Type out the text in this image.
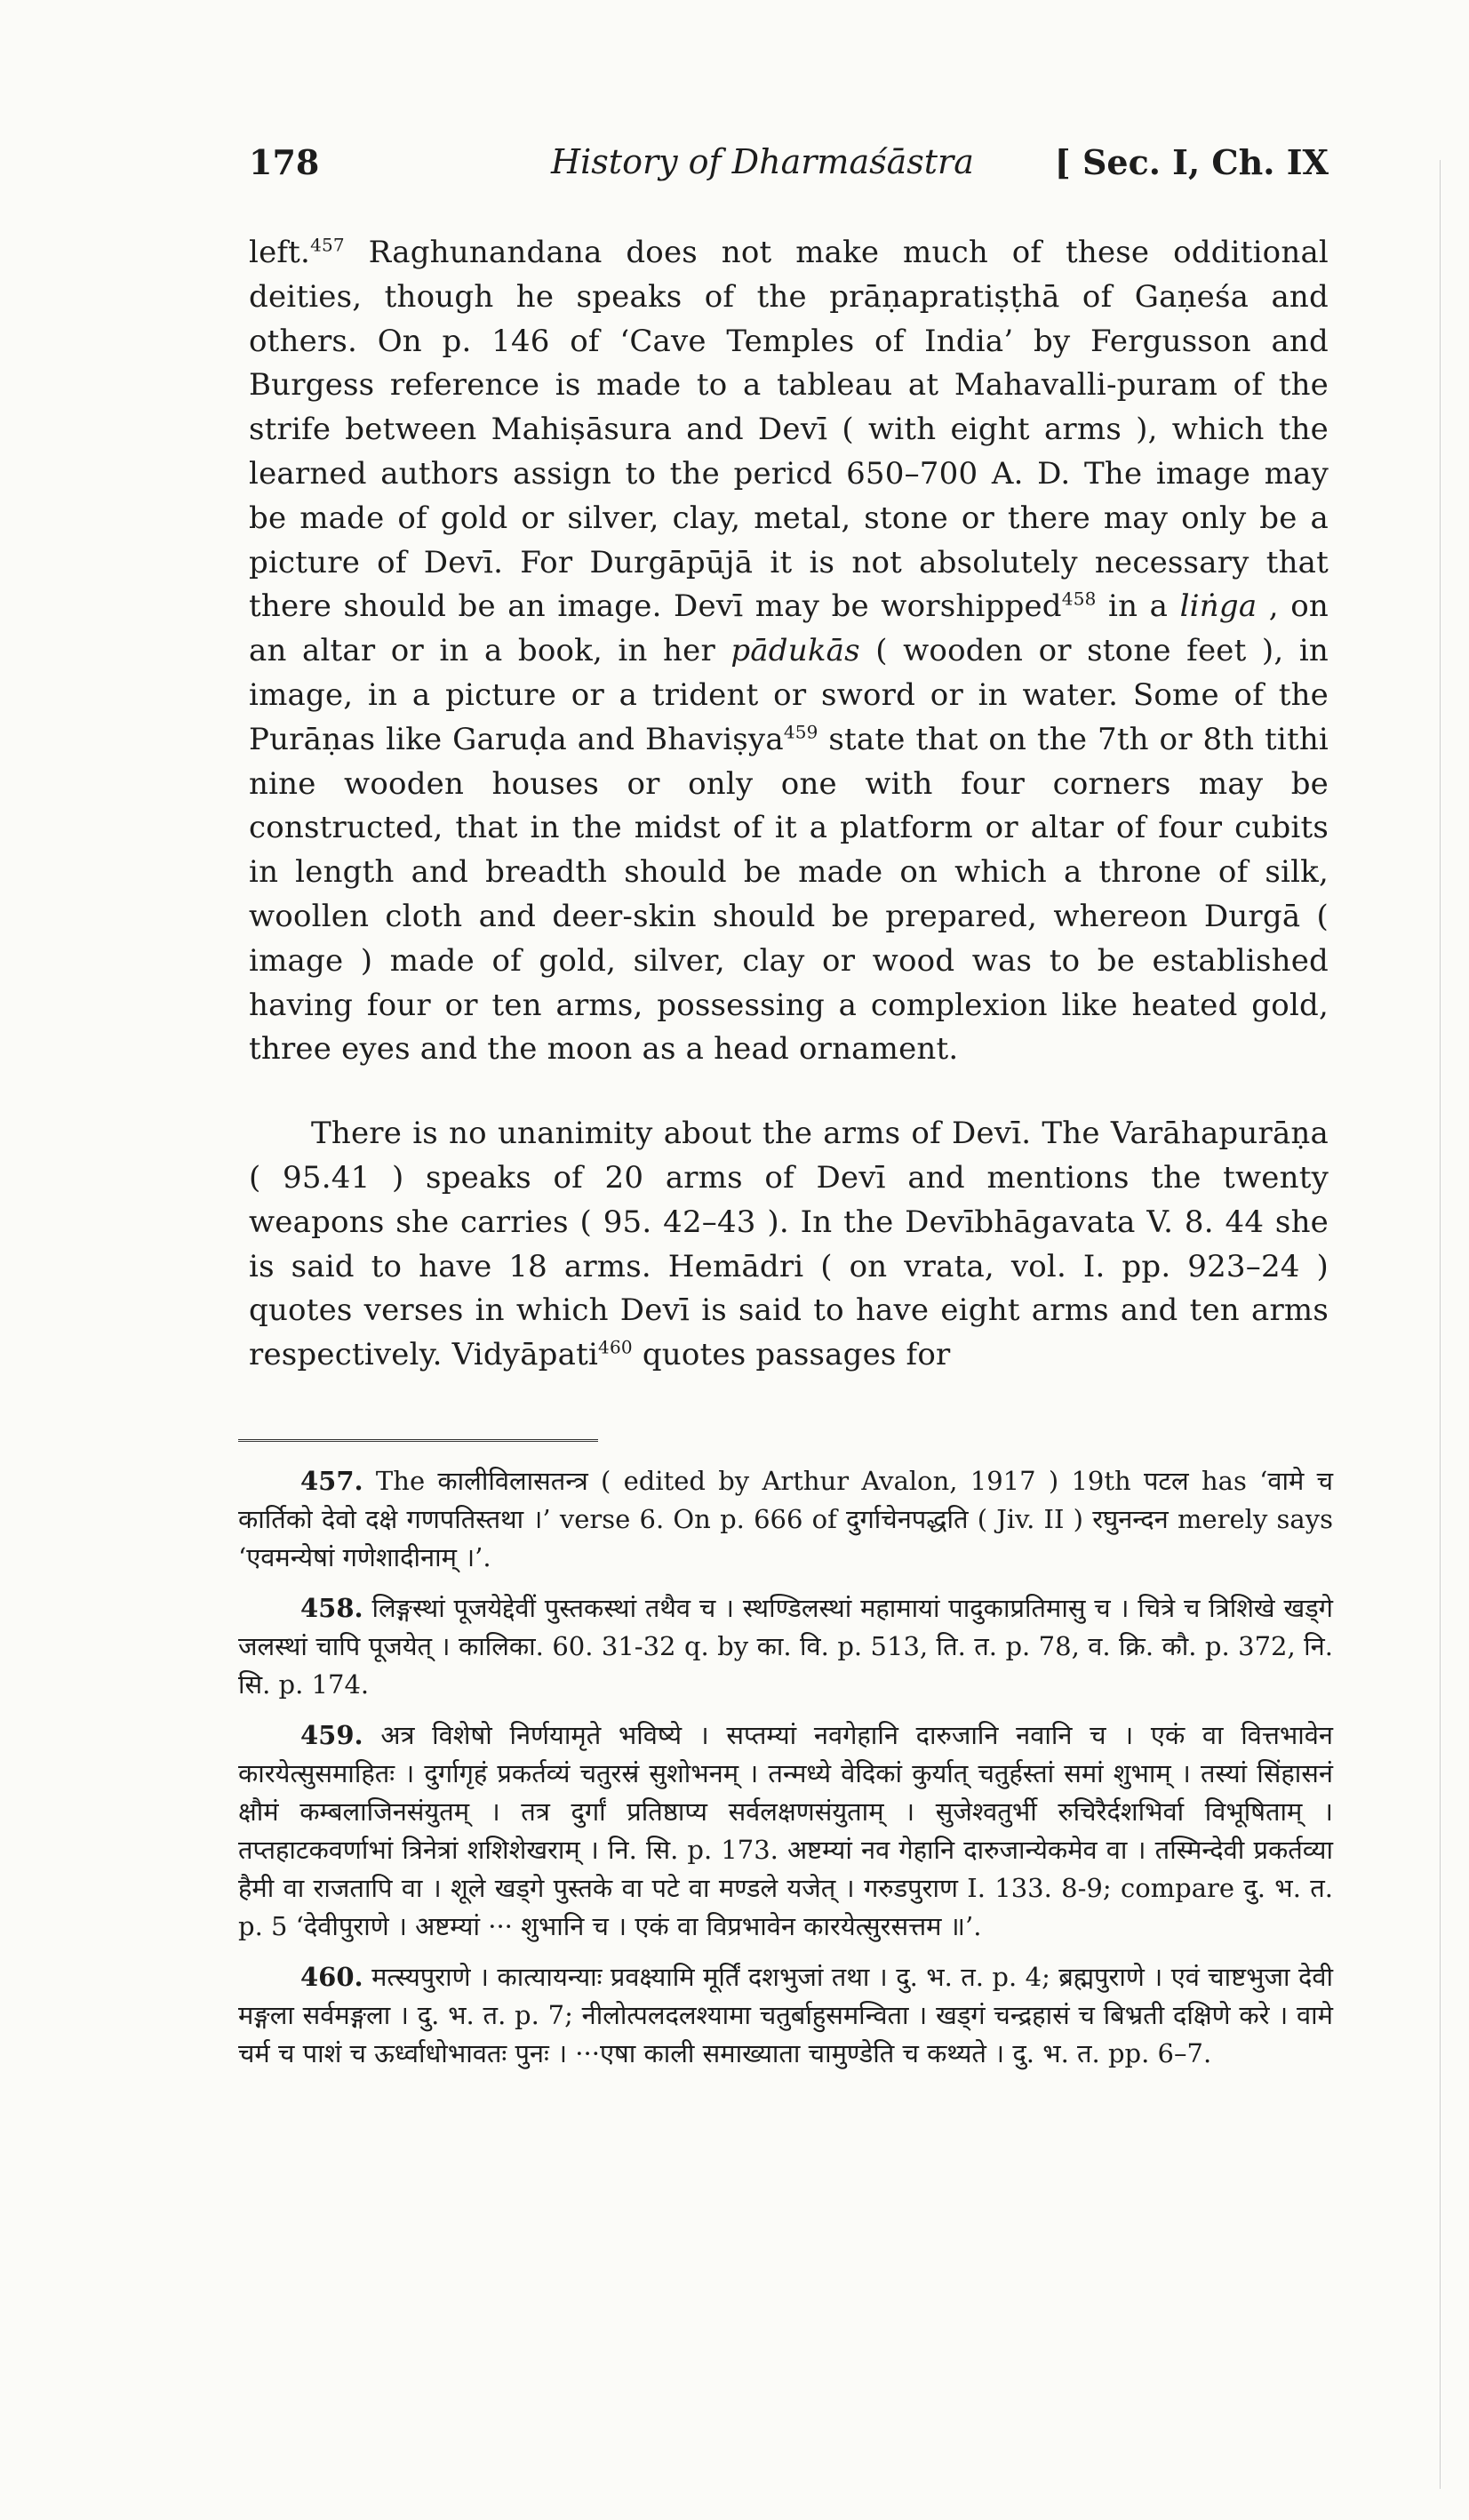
178	History of Dharmaśāstra [ Sec. I, Ch. IX

left.$^{457}$ Raghunandana does not make much of these odditional deities, though he speaks of the prāṇapratiṣṭhā of Gaṇeśa and others. On p. 146 of ‘Cave Temples of India’ by Fergusson and Burgess reference is made to a tableau at Mahavalli-puram of the strife between Mahiṣāsura and Devī ( with eight arms ), which the learned authors assign to the pericd 650–700 A. D. The image may be made of gold or silver, clay, metal, stone or there may only be a picture of Devī. For Durgāpūjā it is not absolutely necessary that there should be an image. Devī may be worshipped$^{458}$ in a liṅga , on an altar or in a book, in her pādukās ( wooden or stone feet ), in image, in a picture or a trident or sword or in water. Some of the Purāṇas like Garuḍa and Bhaviṣya$^{459}$ state that on the 7th or 8th tithi nine wooden houses or only one with four corners may be constructed, that in the midst of it a platform or altar of four cubits in length and breadth should be made on which a throne of silk, woollen cloth and deer-skin should be prepared, whereon Durgā ( image ) made of gold, silver, clay or wood was to be established having four or ten arms, possessing a complexion like heated gold, three eyes and the moon as a head ornament.

There is no unanimity about the arms of Devī. The Varāhapurāṇa ( 95.41 ) speaks of 20 arms of Devī and mentions the twenty weapons she carries ( 95. 42–43 ). In the Devībhāgavata V. 8. 44 she is said to have 18 arms. Hemādri ( on vrata, vol. I. pp. 923–24 ) quotes verses in which Devī is said to have eight arms and ten arms respectively. Vidyāpati$^{460}$ quotes passages for

457. The कालीविलासतन्त्र ( edited by Arthur Avalon, 1917 ) 19th पटल has ‘वामे च कार्तिको देवो दक्षे गणपतिस्तथा ।’ verse 6. On p. 666 of दुर्गाचेनपद्धति ( Jiv. II ) रघुनन्दन merely says ‘एवमन्येषां गणेशादीनाम् ।’.

458. लिङ्गस्थां पूजयेद्देवीं पुस्तकस्थां तथैव च । स्थण्डिलस्थां महामायां पादुकाप्रतिमासु च । चित्रे च त्रिशिखे खड्गे जलस्थां चापि पूजयेत् । कालिका. 60. 31-32 q. by का. वि. p. 513, ति. त. p. 78, व. क्रि. कौ. p. 372, नि. सि. p. 174.

459. अत्र विशेषो निर्णयामृते भविष्ये । सप्तम्यां नवगेहानि दारुजानि नवानि च । एकं वा वित्तभावेन कारयेत्सुसमाहितः । दुर्गागृहं प्रकर्तव्यं चतुरस्रं सुशोभनम् । तन्मध्ये वेदिकां कुर्यात् चतुर्हस्तां समां शुभाम् । तस्यां सिंहासनं क्षौमं कम्बलाजिनसंयुतम् । तत्र दुर्गां प्रतिष्ठाप्य सर्वलक्षणसंयुताम् । सुजेश्वतुर्भी रुचिरैर्दशभिर्वा विभूषिताम् । तप्तहाटकवर्णाभां त्रिनेत्रां शशिशेखराम् । नि. सि. p. 173. अष्टम्यां नव गेहानि दारुजान्येकमेव वा । तस्मिन्देवी प्रकर्तव्या हैमी वा राजतापि वा । शूले खड्गे पुस्तके वा पटे वा मण्डले यजेत् । गरुडपुराण I. 133. 8-9; compare दु. भ. त. p. 5 ‘देवीपुराणे । अष्टम्यां ··· शुभानि च । एकं वा विप्रभावेन कारयेत्सुरसत्तम ॥’.

460. मत्स्यपुराणे । कात्यायन्याः प्रवक्ष्यामि मूर्तिं दशभुजां तथा । दु. भ. त. p. 4; ब्रह्मपुराणे । एवं चाष्टभुजा देवी मङ्गला सर्वमङ्गला । दु. भ. त. p. 7; नीलोत्पलदलश्यामा चतुर्बाहुसमन्विता । खड्गं चन्द्रहासं च बिभ्रती दक्षिणे करे । वामे चर्म च पाशं च ऊर्ध्वाधोभावतः पुनः । ···एषा काली समाख्याता चामुण्डेति च कथ्यते । दु. भ. त. pp. 6–7.
